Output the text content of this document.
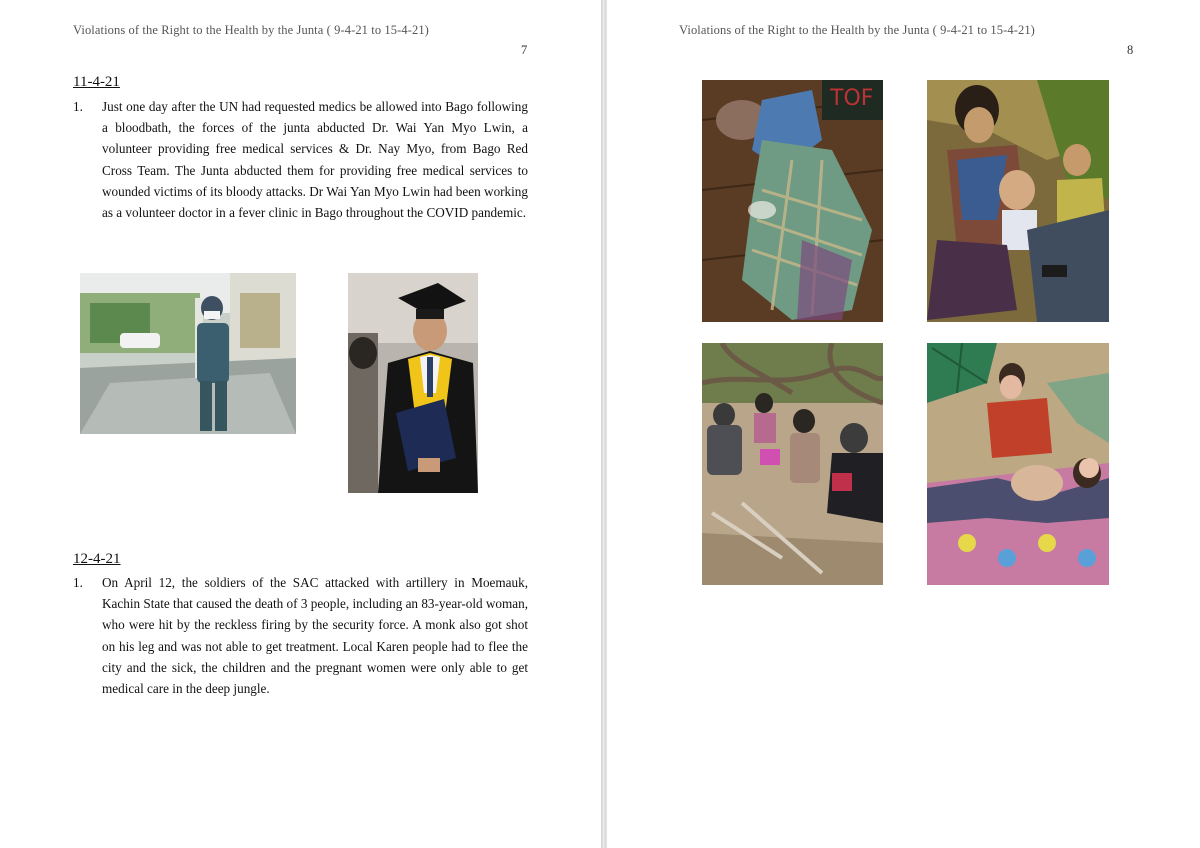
Violations of the Right to the Health by the Junta ( 9-4-21 to 15-4-21)
7
11-4-21
1. Just one day after the UN had requested medics be allowed into Bago following a bloodbath, the forces of the junta abducted Dr. Wai Yan Myo Lwin, a volunteer providing free medical services & Dr. Nay Myo, from Bago Red Cross Team. The Junta abducted them for providing free medical services to wounded victims of its bloody attacks. Dr Wai Yan Myo Lwin had been working as a volunteer doctor in a fever clinic in Bago throughout the COVID pandemic.
12-4-21
1. On April 12, the soldiers of the SAC attacked with artillery in Moemauk, Kachin State that caused the death of 3 people, including an 83-year-old woman, who were hit by the reckless firing by the security force. A monk also got shot on his leg and was not able to get treatment. Local Karen people had to flee the city and the sick, the children and the pregnant women were only able to get medical care in the deep jungle.
Violations of the Right to the Health by the Junta ( 9-4-21 to 15-4-21)
8
TOF
